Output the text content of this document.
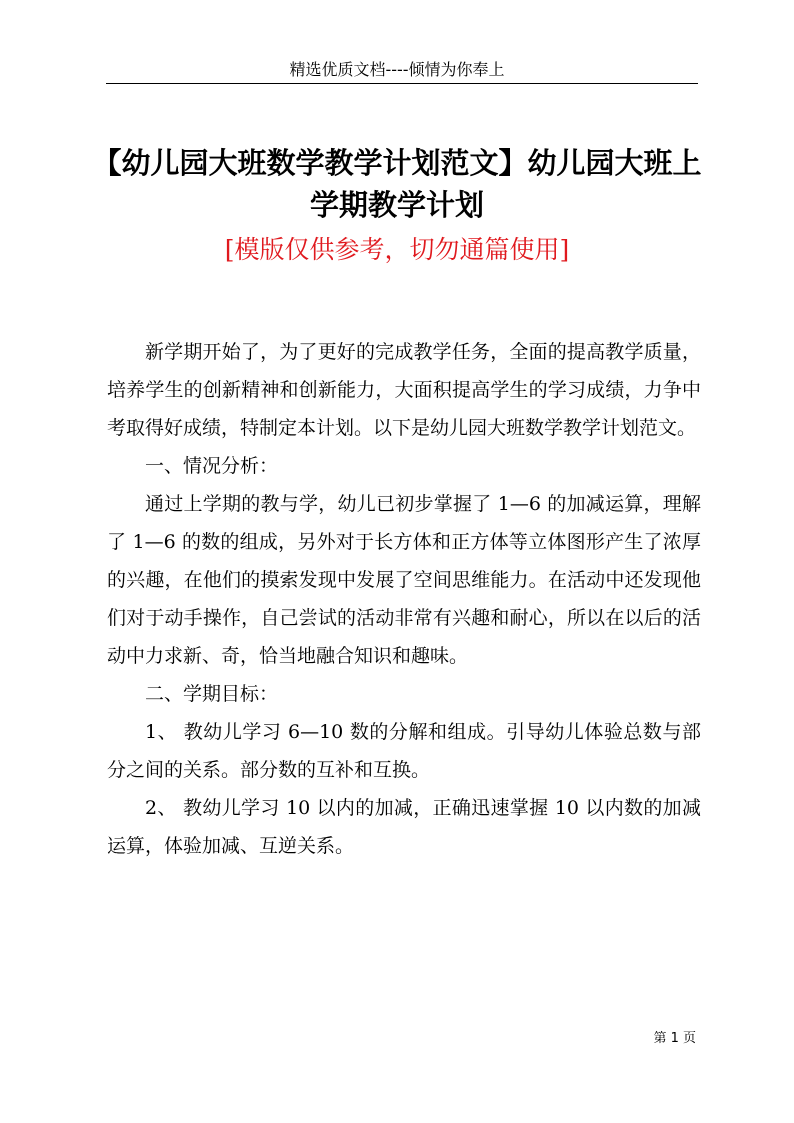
精选优质文档----倾情为你奉上
【幼儿园大班数学教学计划范文】幼儿园大班上学期教学计划
[模版仅供参考，切勿通篇使用]

新学期开始了，为了更好的完成教学任务，全面的提高教学质量，培养学生的创新精神和创新能力，大面积提高学生的学习成绩，力争中考取得好成绩，特制定本计划。以下是幼儿园大班数学教学计划范文。

一、情况分析：

通过上学期的教与学，幼儿已初步掌握了 1—6 的加减运算，理解了 1—6 的数的组成，另外对于长方体和正方体等立体图形产生了浓厚的兴趣，在他们的摸索发现中发展了空间思维能力。在活动中还发现他们对于动手操作，自己尝试的活动非常有兴趣和耐心，所以在以后的活动中力求新、奇，恰当地融合知识和趣味。

二、学期目标：

1、 教幼儿学习 6—10 数的分解和组成。引导幼儿体验总数与部分之间的关系。部分数的互补和互换。

2、 教幼儿学习 10 以内的加减，正确迅速掌握 10 以内数的加减运算，体验加减、互逆关系。

第 1 页
